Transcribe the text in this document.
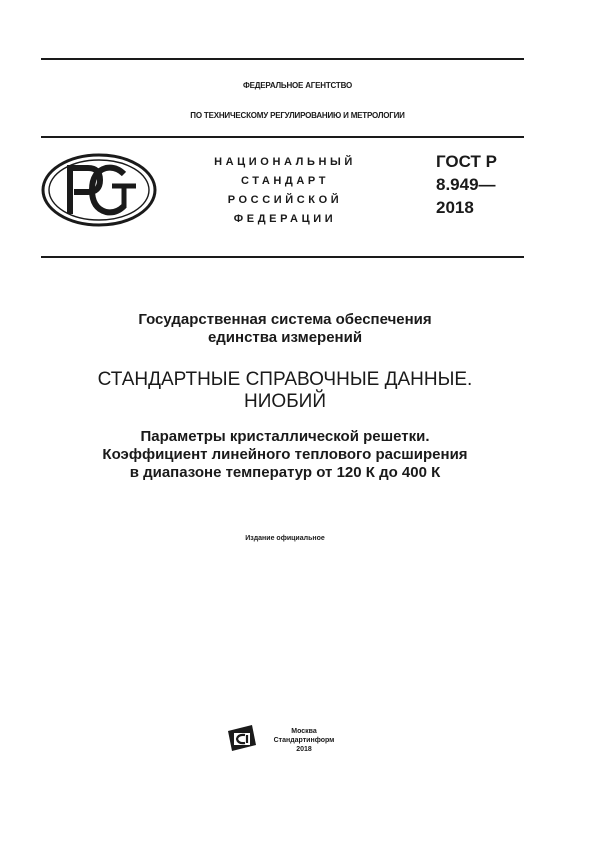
ФЕДЕРАЛЬНОЕ АГЕНТСТВО
ПО ТЕХНИЧЕСКОМУ РЕГУЛИРОВАНИЮ И МЕТРОЛОГИИ
НАЦИОНАЛЬНЫЙ
СТАНДАРТ
РОССИЙСКОЙ
ФЕДЕРАЦИИ
ГОСТ Р
8.949—
2018
Государственная система обеспечения
единства измерений
СТАНДАРТНЫЕ СПРАВОЧНЫЕ ДАННЫЕ.
НИОБИЙ
Параметры кристаллической решетки.
Коэффициент линейного теплового расширения
в диапазоне температур от 120 К до 400 К
Издание официальное
Москва
Стандартинформ
2018
